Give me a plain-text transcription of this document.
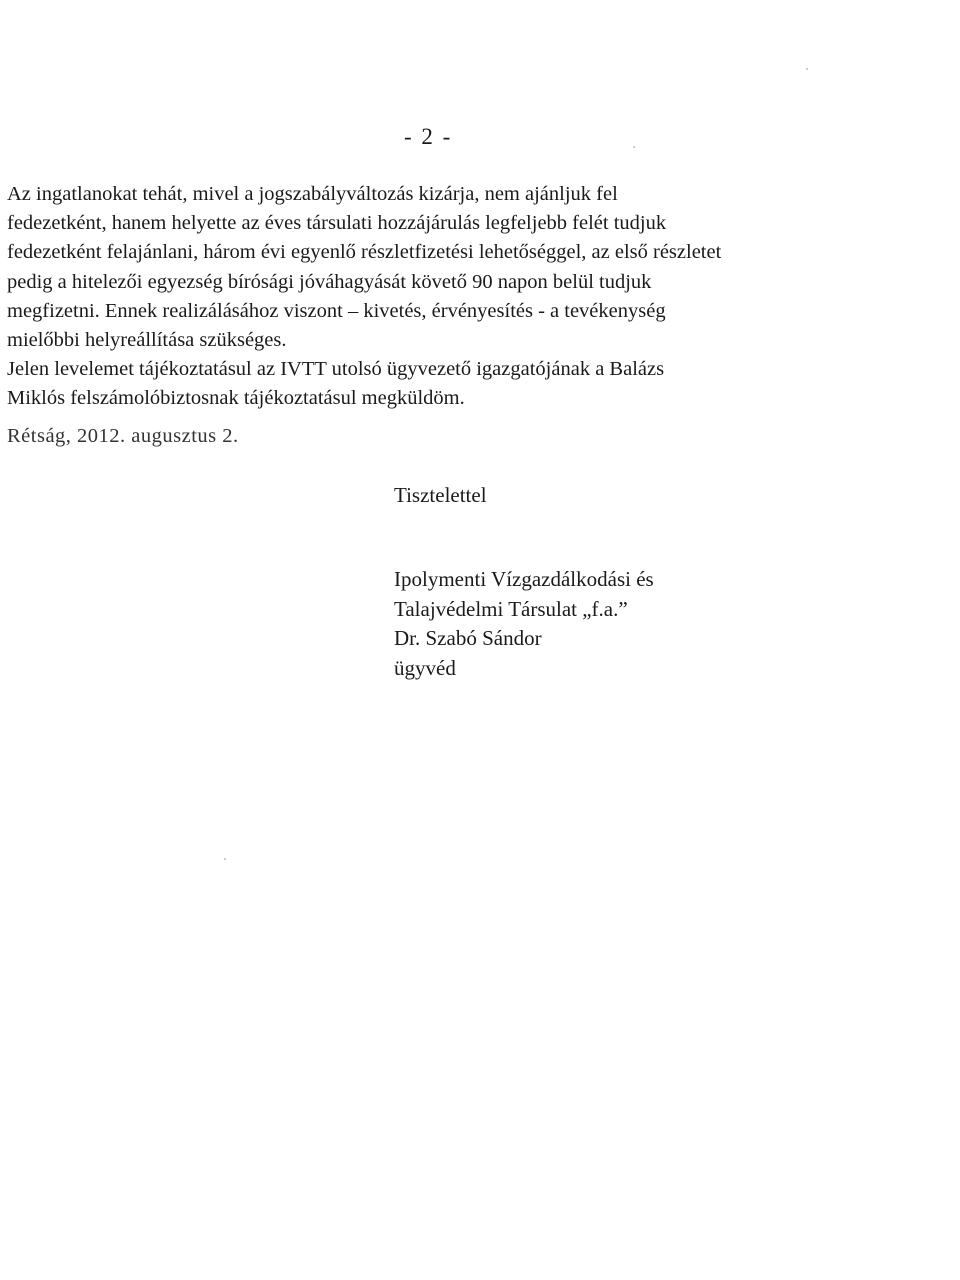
- 2 -

Az ingatlanokat tehát, mivel a jogszabályváltozás kizárja, nem ajánljuk fel
fedezetként, hanem helyette az éves társulati hozzájárulás legfeljebb felét tudjuk
fedezetként felajánlani, három évi egyenlő részletfizetési lehetőséggel, az első részletet
pedig a hitelezői egyezség bírósági jóváhagyását követő 90 napon belül tudjuk
megfizetni. Ennek realizálásához viszont – kivetés, érvényesítés - a tevékenység
mielőbbi helyreállítása szükséges.
Jelen levelemet tájékoztatásul az IVTT utolsó ügyvezető igazgatójának a Balázs
Miklós felszámolóbiztosnak tájékoztatásul megküldöm.

Rétság, 2012. augusztus 2.
Tisztelettel
Ipolymenti Vízgazdálkodási és
Talajvédelmi Társulat „f.a.”
Dr. Szabó Sándor
ügyvéd
